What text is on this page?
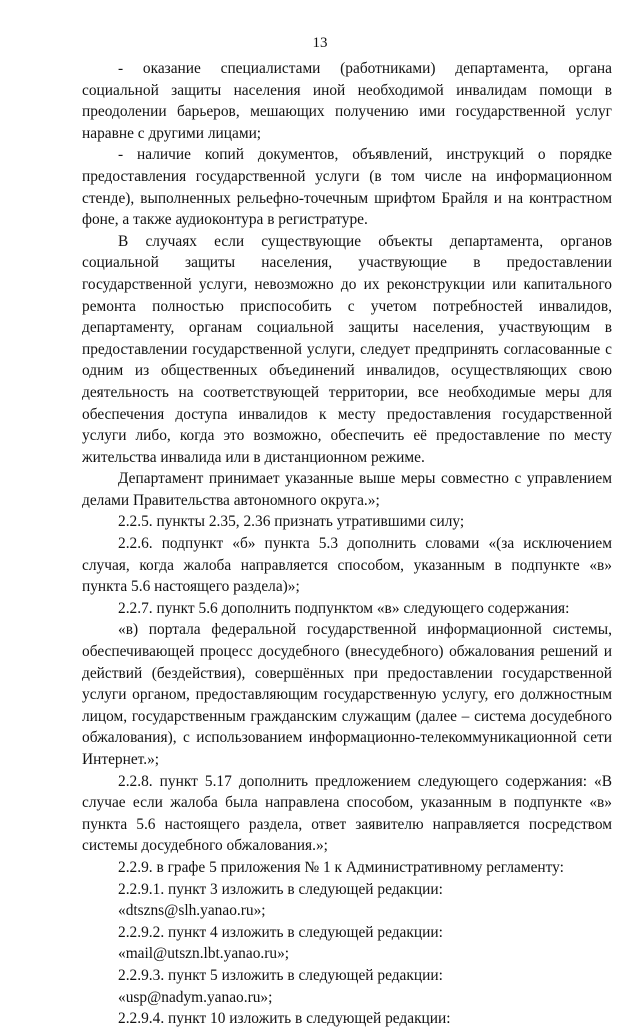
13

- оказание специалистами (работниками) департамента, органа социальной защиты населения иной необходимой инвалидам помощи в преодолении барьеров, мешающих получению ими государственной услуг наравне с другими лицами;

- наличие копий документов, объявлений, инструкций о порядке предоставления государственной услуги (в том числе на информационном стенде), выполненных рельефно-точечным шрифтом Брайля и на контрастном фоне, а также аудиоконтура в регистратуре.

В случаях если существующие объекты департамента, органов социальной защиты населения, участвующие в предоставлении государственной услуги, невозможно до их реконструкции или капитального ремонта полностью приспособить с учетом потребностей инвалидов, департаменту, органам социальной защиты населения, участвующим в предоставлении государственной услуги, следует предпринять согласованные с одним из общественных объединений инвалидов, осуществляющих свою деятельность на соответствующей территории, все необходимые меры для обеспечения доступа инвалидов к месту предоставления государственной услуги либо, когда это возможно, обеспечить её предоставление по месту жительства инвалида или в дистанционном режиме.

Департамент принимает указанные выше меры совместно с управлением делами Правительства автономного округа.»;

2.2.5. пункты 2.35, 2.36 признать утратившими силу;

2.2.6. подпункт «б» пункта 5.3 дополнить словами «(за исключением случая, когда жалоба направляется способом, указанным в подпункте «в» пункта 5.6 настоящего раздела)»;

2.2.7. пункт 5.6 дополнить подпунктом «в» следующего содержания:

«в) портала федеральной государственной информационной системы, обеспечивающей процесс досудебного (внесудебного) обжалования решений и действий (бездействия), совершённых при предоставлении государственной услуги органом, предоставляющим государственную услугу, его должностным лицом, государственным гражданским служащим (далее – система досудебного обжалования), с использованием информационно-телекоммуникационной сети Интернет.»;

2.2.8. пункт 5.17 дополнить предложением следующего содержания: «В случае если жалоба была направлена способом, указанным в подпункте «в» пункта 5.6 настоящего раздела, ответ заявителю направляется посредством системы досудебного обжалования.»;

2.2.9. в графе 5 приложения № 1 к Административному регламенту:

2.2.9.1. пункт 3 изложить в следующей редакции:

«dtszns@slh.yanao.ru»;

2.2.9.2. пункт 4 изложить в следующей редакции:

«mail@utszn.lbt.yanao.ru»;

2.2.9.3. пункт 5 изложить в следующей редакции:

«usp@nadym.yanao.ru»;

2.2.9.4. пункт 10 изложить в следующей редакции:
